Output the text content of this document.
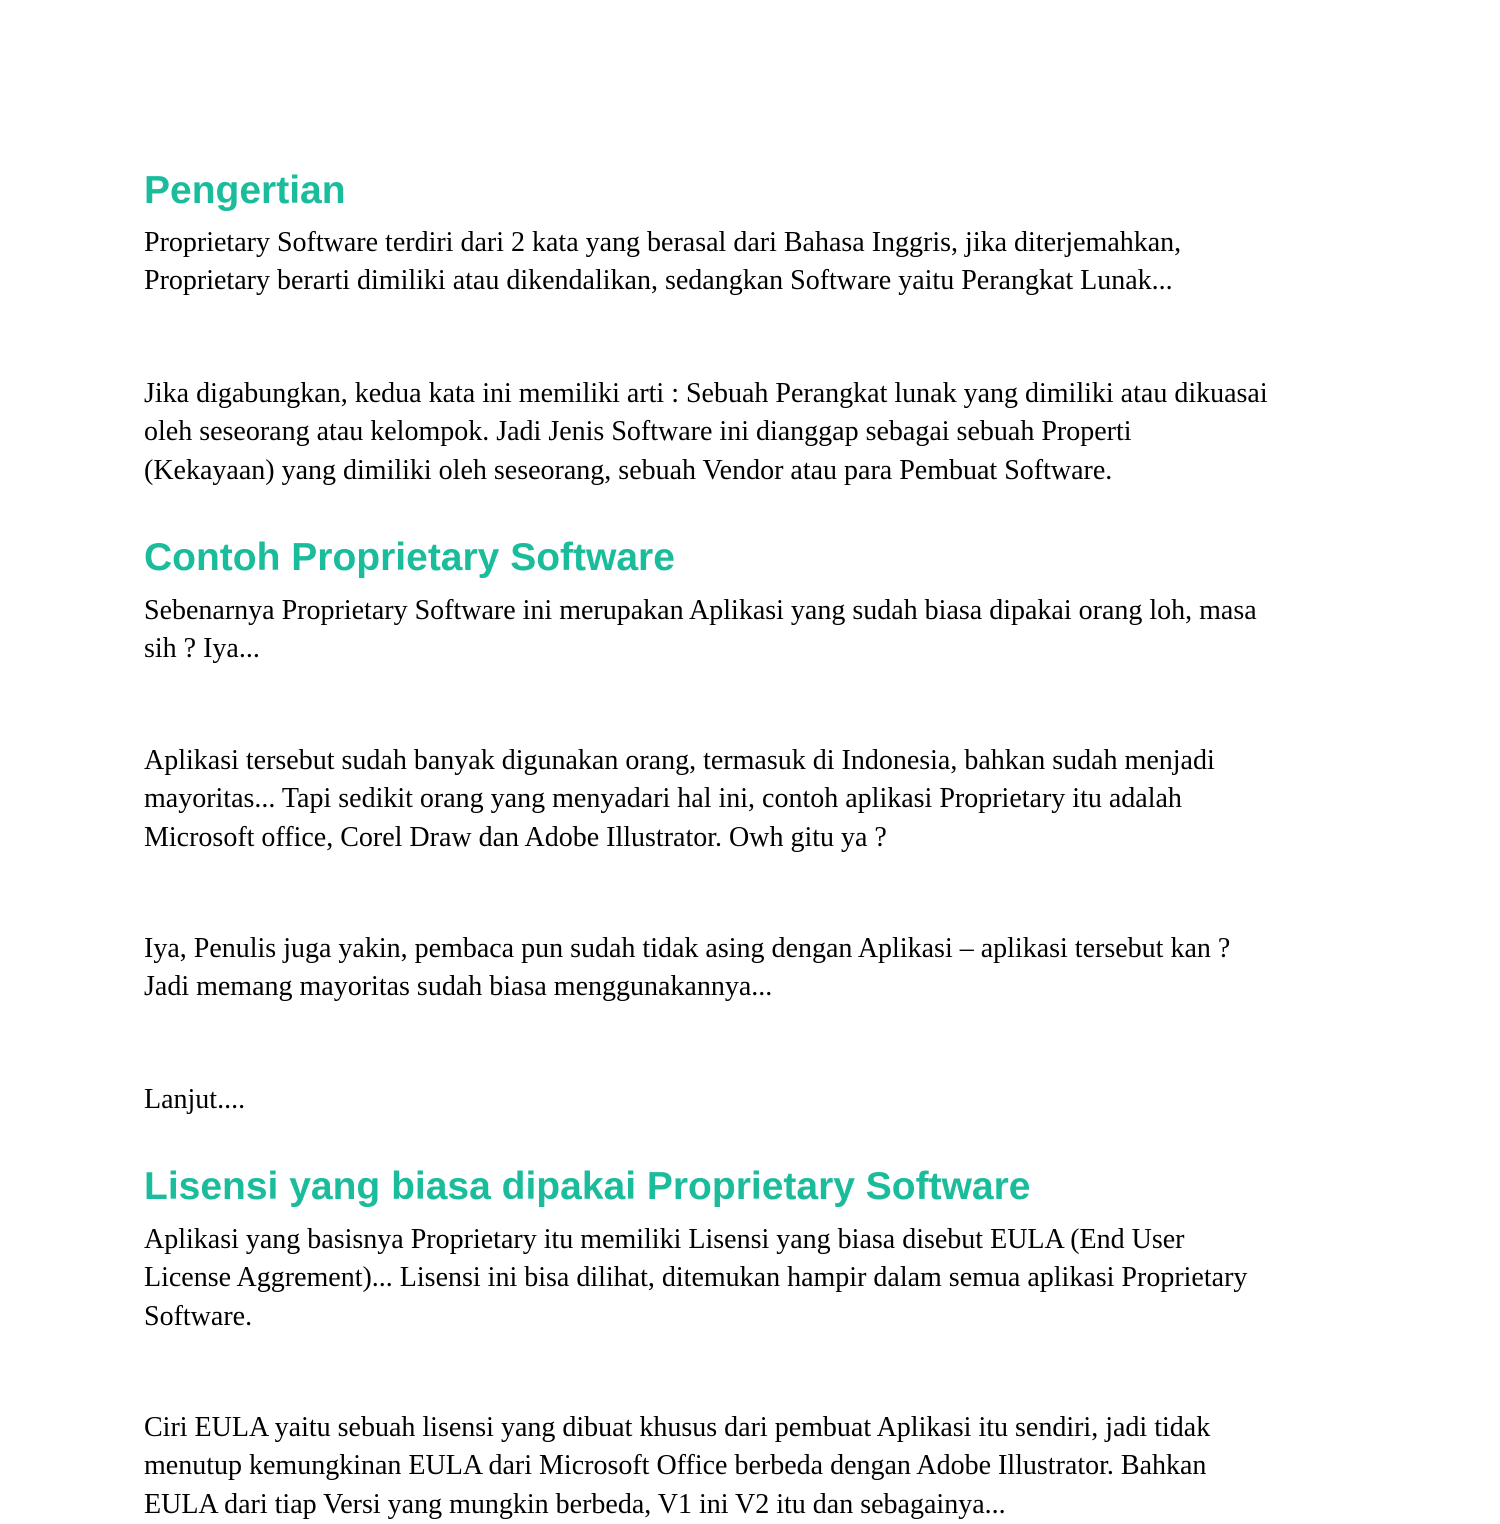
Pengertian

Proprietary Software terdiri dari 2 kata yang berasal dari Bahasa Inggris, jika diterjemahkan,
Proprietary berarti dimiliki atau dikendalikan, sedangkan Software yaitu Perangkat Lunak...

Jika digabungkan, kedua kata ini memiliki arti : Sebuah Perangkat lunak yang dimiliki atau dikuasai
oleh seseorang atau kelompok. Jadi Jenis Software ini dianggap sebagai sebuah Properti
(Kekayaan) yang dimiliki oleh seseorang, sebuah Vendor atau para Pembuat Software.

Contoh Proprietary Software

Sebenarnya Proprietary Software ini merupakan Aplikasi yang sudah biasa dipakai orang loh, masa
sih ? Iya...

Aplikasi tersebut sudah banyak digunakan orang, termasuk di Indonesia, bahkan sudah menjadi
mayoritas... Tapi sedikit orang yang menyadari hal ini, contoh aplikasi Proprietary itu adalah
Microsoft office, Corel Draw dan Adobe Illustrator. Owh gitu ya ?

Iya, Penulis juga yakin, pembaca pun sudah tidak asing dengan Aplikasi – aplikasi tersebut kan ?
Jadi memang mayoritas sudah biasa menggunakannya...

Lanjut....

Lisensi yang biasa dipakai Proprietary Software

Aplikasi yang basisnya Proprietary itu memiliki Lisensi yang biasa disebut EULA (End User
License Aggrement)... Lisensi ini bisa dilihat, ditemukan hampir dalam semua aplikasi Proprietary
Software.

Ciri EULA yaitu sebuah lisensi yang dibuat khusus dari pembuat Aplikasi itu sendiri, jadi tidak
menutup kemungkinan EULA dari Microsoft Office berbeda dengan Adobe Illustrator. Bahkan
EULA dari tiap Versi yang mungkin berbeda, V1 ini V2 itu dan sebagainya...
